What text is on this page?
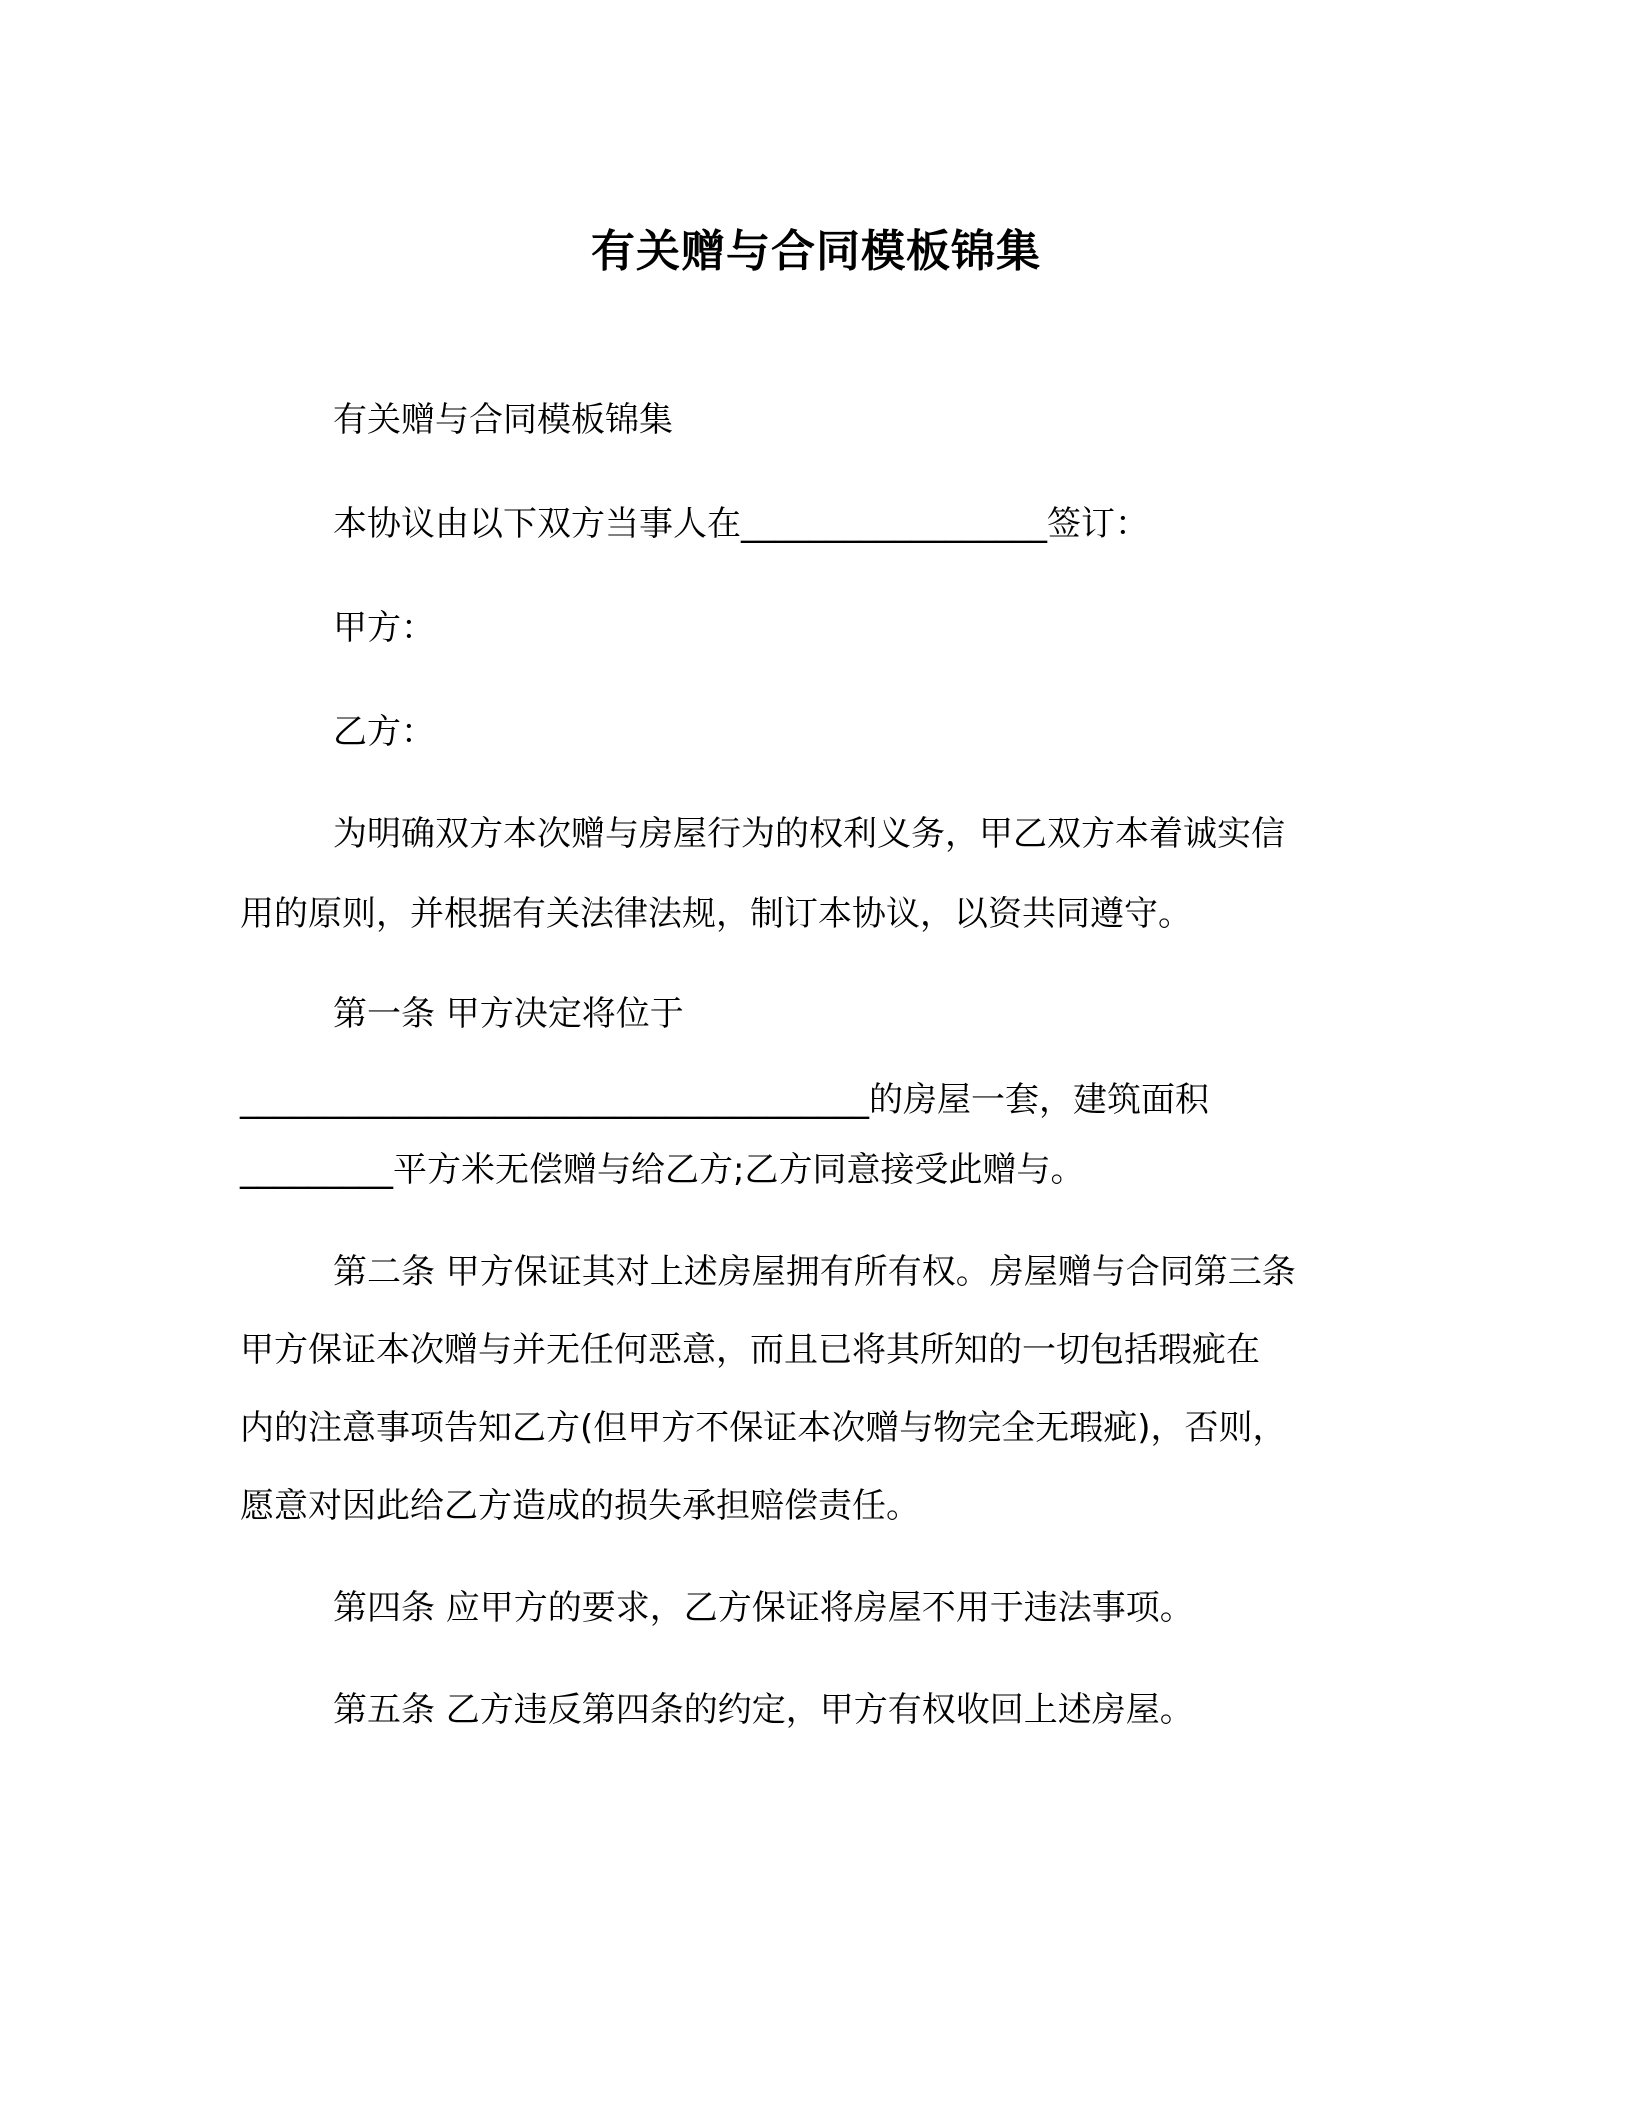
有关赠与合同模板锦集
有关赠与合同模板锦集
本协议由以下双方当事人在__________________签订：
甲方：
乙方：
为明确双方本次赠与房屋行为的权利义务，甲乙双方本着诚实信
用的原则，并根据有关法律法规，制订本协议，以资共同遵守。
第一条 甲方决定将位于
_____________________________________的房屋一套，建筑面积
_________平方米无偿赠与给乙方;乙方同意接受此赠与。
第二条 甲方保证其对上述房屋拥有所有权。房屋赠与合同第三条
甲方保证本次赠与并无任何恶意，而且已将其所知的一切包括瑕疵在
内的注意事项告知乙方(但甲方不保证本次赠与物完全无瑕疵)，否则，
愿意对因此给乙方造成的损失承担赔偿责任。
第四条 应甲方的要求，乙方保证将房屋不用于违法事项。
第五条 乙方违反第四条的约定，甲方有权收回上述房屋。
